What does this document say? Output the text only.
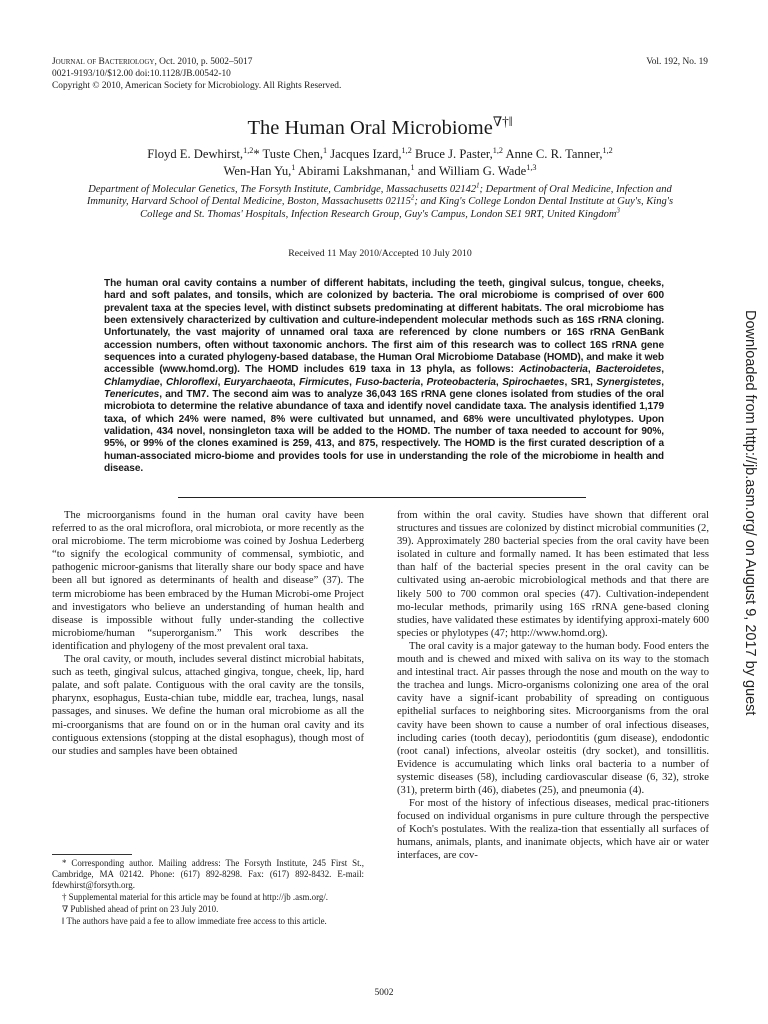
Journal of Bacteriology, Oct. 2010, p. 5002–5017
0021-9193/10/$12.00 doi:10.1128/JB.00542-10
Copyright © 2010, American Society for Microbiology. All Rights Reserved.
Vol. 192, No. 19
The Human Oral Microbiome∇†‖
Floyd E. Dewhirst,$^{1,2}$* Tuste Chen,$^1$ Jacques Izard,$^{1,2}$ Bruce J. Paster,$^{1,2}$ Anne C. R. Tanner,$^{1,2}$
Wen-Han Yu,$^1$ Abirami Lakshmanan,$^1$ and William G. Wade$^{1,3}$
Department of Molecular Genetics, The Forsyth Institute, Cambridge, Massachusetts 02142$^1$; Department of Oral Medicine, Infection and Immunity, Harvard School of Dental Medicine, Boston, Massachusetts 02115$^2$; and King's College London Dental Institute at Guy's, King's College and St. Thomas' Hospitals, Infection Research Group, Guy's Campus, London SE1 9RT, United Kingdom$^3$
Received 11 May 2010/Accepted 10 July 2010
The human oral cavity contains a number of different habitats, including the teeth, gingival sulcus, tongue, cheeks, hard and soft palates, and tonsils, which are colonized by bacteria. The oral microbiome is comprised of over 600 prevalent taxa at the species level, with distinct subsets predominating at different habitats. The oral microbiome has been extensively characterized by cultivation and culture-independent molecular methods such as 16S rRNA cloning. Unfortunately, the vast majority of unnamed oral taxa are referenced by clone numbers or 16S rRNA GenBank accession numbers, often without taxonomic anchors. The first aim of this research was to collect 16S rRNA gene sequences into a curated phylogeny-based database, the Human Oral Microbiome Database (HOMD), and make it web accessible (www.homd.org). The HOMD includes 619 taxa in 13 phyla, as follows: Actinobacteria, Bacteroidetes, Chlamydiae, Chloroflexi, Euryarchaeota, Firmicutes, Fuso-bacteria, Proteobacteria, Spirochaetes, SR1, Synergistetes, Tenericutes, and TM7. The second aim was to analyze 36,043 16S rRNA gene clones isolated from studies of the oral microbiota to determine the relative abundance of taxa and identify novel candidate taxa. The analysis identified 1,179 taxa, of which 24% were named, 8% were cultivated but unnamed, and 68% were uncultivated phylotypes. Upon validation, 434 novel, nonsingleton taxa will be added to the HOMD. The number of taxa needed to account for 90%, 95%, or 99% of the clones examined is 259, 413, and 875, respectively. The HOMD is the first curated description of a human-associated micro-biome and provides tools for use in understanding the role of the microbiome in health and disease.

The microorganisms found in the human oral cavity have been referred to as the oral microflora, oral microbiota, or more recently as the oral microbiome. The term microbiome was coined by Joshua Lederberg “to signify the ecological community of commensal, symbiotic, and pathogenic microor-ganisms that literally share our body space and have been all but ignored as determinants of health and disease” (37). The term microbiome has been embraced by the Human Microbi-ome Project and investigators who believe an understanding of human health and disease is impossible without fully under-standing the collective microbiome/human “superorganism.” This work describes the identification and phylogeny of the most prevalent oral taxa.

The oral cavity, or mouth, includes several distinct microbial habitats, such as teeth, gingival sulcus, attached gingiva, tongue, cheek, lip, hard palate, and soft palate. Contiguous with the oral cavity are the tonsils, pharynx, esophagus, Eusta-chian tube, middle ear, trachea, lungs, nasal passages, and sinuses. We define the human oral microbiome as all the mi-croorganisms that are found on or in the human oral cavity and its contiguous extensions (stopping at the distal esophagus), though most of our studies and samples have been obtained

from within the oral cavity. Studies have shown that different oral structures and tissues are colonized by distinct microbial communities (2, 39). Approximately 280 bacterial species from the oral cavity have been isolated in culture and formally named. It has been estimated that less than half of the bacterial species present in the oral cavity can be cultivated using an-aerobic microbiological methods and that there are likely 500 to 700 common oral species (47). Cultivation-independent mo-lecular methods, primarily using 16S rRNA gene-based cloning studies, have validated these estimates by identifying approxi-mately 600 species or phylotypes (47; http://www.homd.org).

The oral cavity is a major gateway to the human body. Food enters the mouth and is chewed and mixed with saliva on its way to the stomach and intestinal tract. Air passes through the nose and mouth on the way to the trachea and lungs. Micro-organisms colonizing one area of the oral cavity have a signif-icant probability of spreading on contiguous epithelial surfaces to neighboring sites. Microorganisms from the oral cavity have been shown to cause a number of oral infectious diseases, including caries (tooth decay), periodontitis (gum disease), endodontic (root canal) infections, alveolar osteitis (dry socket), and tonsillitis. Evidence is accumulating which links oral bacteria to a number of systemic diseases (58), including cardiovascular disease (6, 32), stroke (31), preterm birth (46), diabetes (25), and pneumonia (4).

For most of the history of infectious diseases, medical prac-titioners focused on individual organisms in pure culture through the perspective of Koch's postulates. With the realiza-tion that essentially all surfaces of humans, animals, plants, and inanimate objects, which have air or water interfaces, are cov-

* Corresponding author. Mailing address: The Forsyth Institute, 245 First St., Cambridge, MA 02142. Phone: (617) 892-8298. Fax: (617) 892-8432. E-mail: fdewhirst@forsyth.org.

† Supplemental material for this article may be found at http://jb .asm.org/.

∇ Published ahead of print on 23 July 2010.

‖ The authors have paid a fee to allow immediate free access to this article.

5002
Downloaded from http://jb.asm.org/ on August 9, 2017 by guest
